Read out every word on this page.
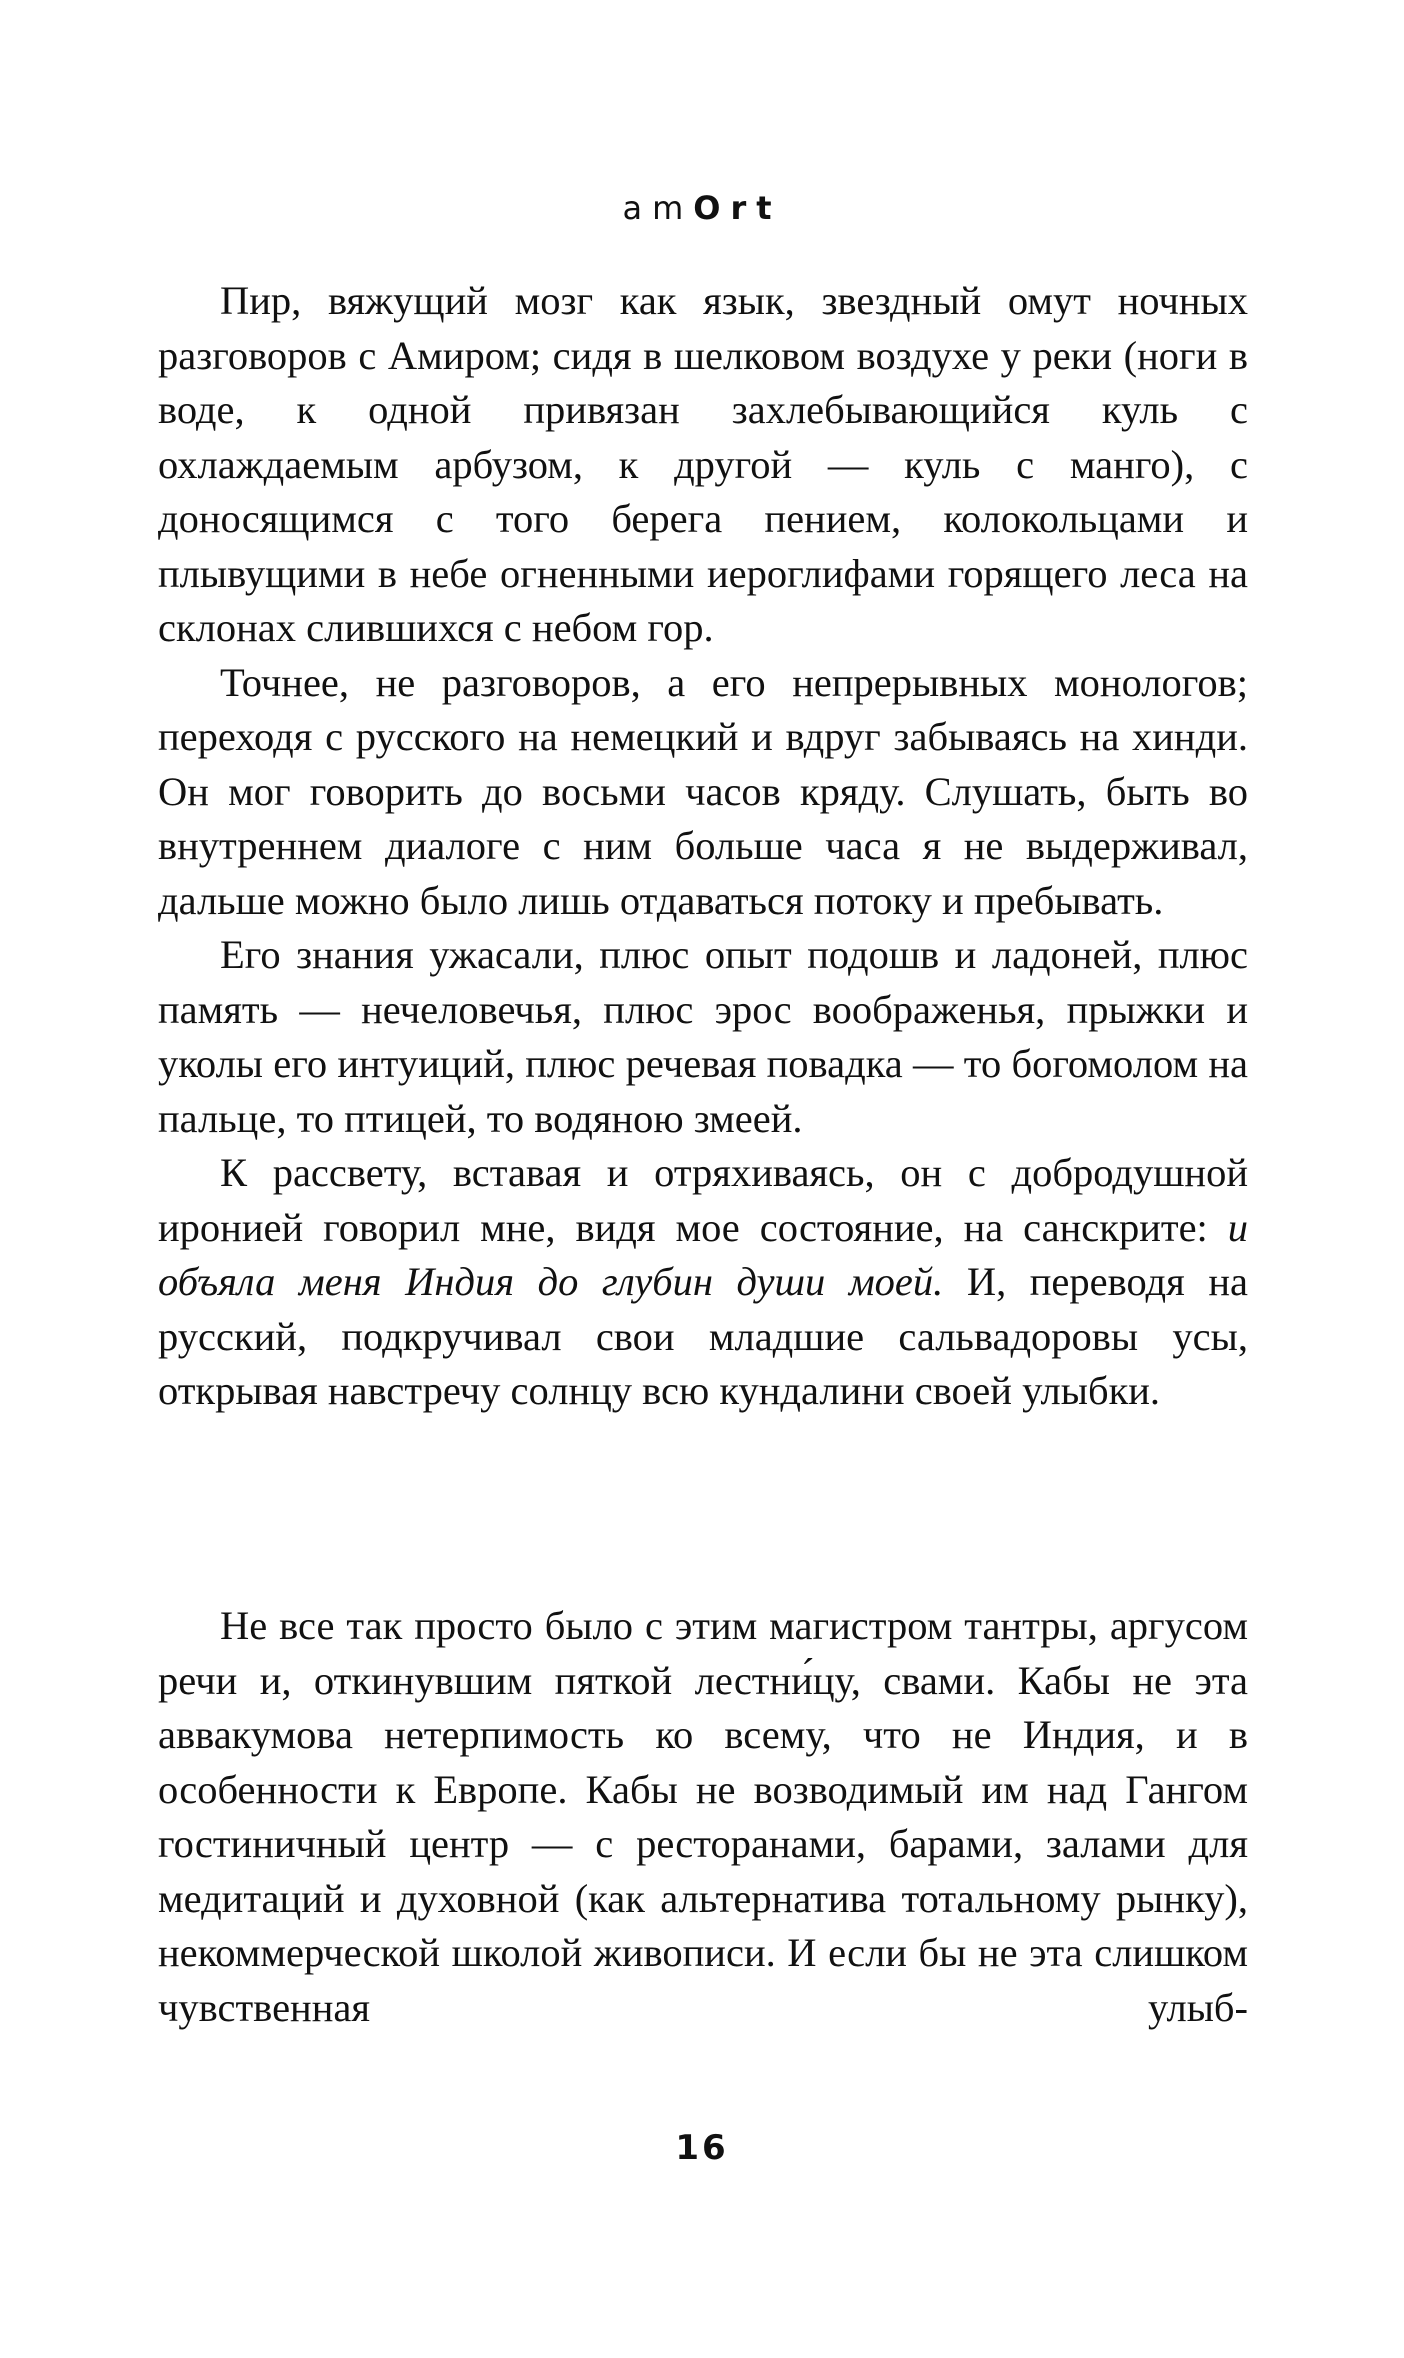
amOrt

Пир, вяжущий мозг как язык, звездный омут ночных разговоров с Амиром; сидя в шелковом воздухе у реки (ноги в воде, к одной привязан захлебывающийся куль с охлаждаемым арбузом, к другой — куль с манго), с доносящимся с того берега пением, колокольцами и плывущими в небе огненными иероглифами горящего леса на склонах слившихся с небом гор.

Точнее, не разговоров, а его непрерывных монологов; переходя с русского на немецкий и вдруг забываясь на хинди. Он мог говорить до восьми часов кряду. Слушать, быть во внутреннем диалоге с ним больше часа я не выдерживал, дальше можно было лишь отдаваться потоку и пребывать.

Его знания ужасали, плюс опыт подошв и ладоней, плюс память — нечеловечья, плюс эрос воображенья, прыжки и уколы его интуиций, плюс речевая повадка — то богомолом на пальце, то птицей, то водяною змеей.

К рассвету, вставая и отряхиваясь, он с добродушной иронией говорил мне, видя мое состояние, на санскрите: и объяла меня Индия до глубин души моей. И, переводя на русский, подкручивал свои младшие сальвадоровы усы, открывая навстречу солнцу всю кундалини своей улыбки.

Не все так просто было с этим магистром тантры, аргусом речи и, откинувшим пяткой лестни́цу, свами. Кабы не эта аввакумова нетерпимость ко всему, что не Индия, и в особенности к Европе. Кабы не возводимый им над Гангом гостиничный центр — с ресторанами, барами, залами для медитаций и духовной (как альтернатива тотальному рынку), некоммерческой школой живописи. И если бы не эта слишком чувственная улыб-

16
